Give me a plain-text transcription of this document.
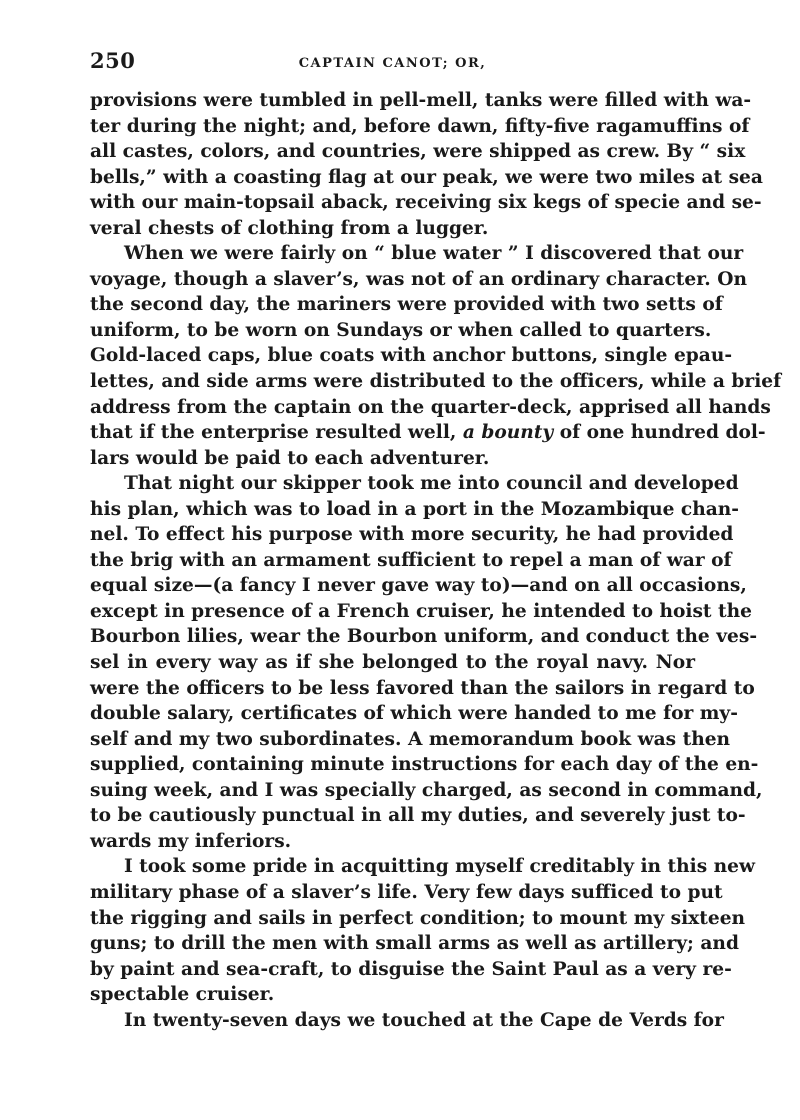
250	CAPTAIN CANOT; OR,
provisions were tumbled in pell-mell, tanks were filled with wa-
ter during the night; and, before dawn, fifty-five ragamuffins of
all castes, colors, and countries, were shipped as crew. By “ six
bells,” with a coasting flag at our peak, we were two miles at sea
with our main-topsail aback, receiving six kegs of specie and se-
veral chests of clothing from a lugger.
When we were fairly on “ blue water ” I discovered that our
voyage, though a slaver’s, was not of an ordinary character. On
the second day, the mariners were provided with two setts of
uniform, to be worn on Sundays or when called to quarters.
Gold-laced caps, blue coats with anchor buttons, single epau-
lettes, and side arms were distributed to the officers, while a brief
address from the captain on the quarter-deck, apprised all hands
that if the enterprise resulted well, a bounty of one hundred dol-
lars would be paid to each adventurer.
That night our skipper took me into council and developed
his plan, which was to load in a port in the Mozambique chan-
nel. To effect his purpose with more security, he had provided
the brig with an armament sufficient to repel a man of war of
equal size—(a fancy I never gave way to)—and on all occasions,
except in presence of a French cruiser, he intended to hoist the
Bourbon lilies, wear the Bourbon uniform, and conduct the ves-
sel in every way as if she belonged to the royal navy. Nor
were the officers to be less favored than the sailors in regard to
double salary, certificates of which were handed to me for my-
self and my two subordinates. A memorandum book was then
supplied, containing minute instructions for each day of the en-
suing week, and I was specially charged, as second in command,
to be cautiously punctual in all my duties, and severely just to-
wards my inferiors.
I took some pride in acquitting myself creditably in this new
military phase of a slaver’s life. Very few days sufficed to put
the rigging and sails in perfect condition; to mount my sixteen
guns; to drill the men with small arms as well as artillery; and
by paint and sea-craft, to disguise the Saint Paul as a very re-
spectable cruiser.
In twenty-seven days we touched at the Cape de Verds for
